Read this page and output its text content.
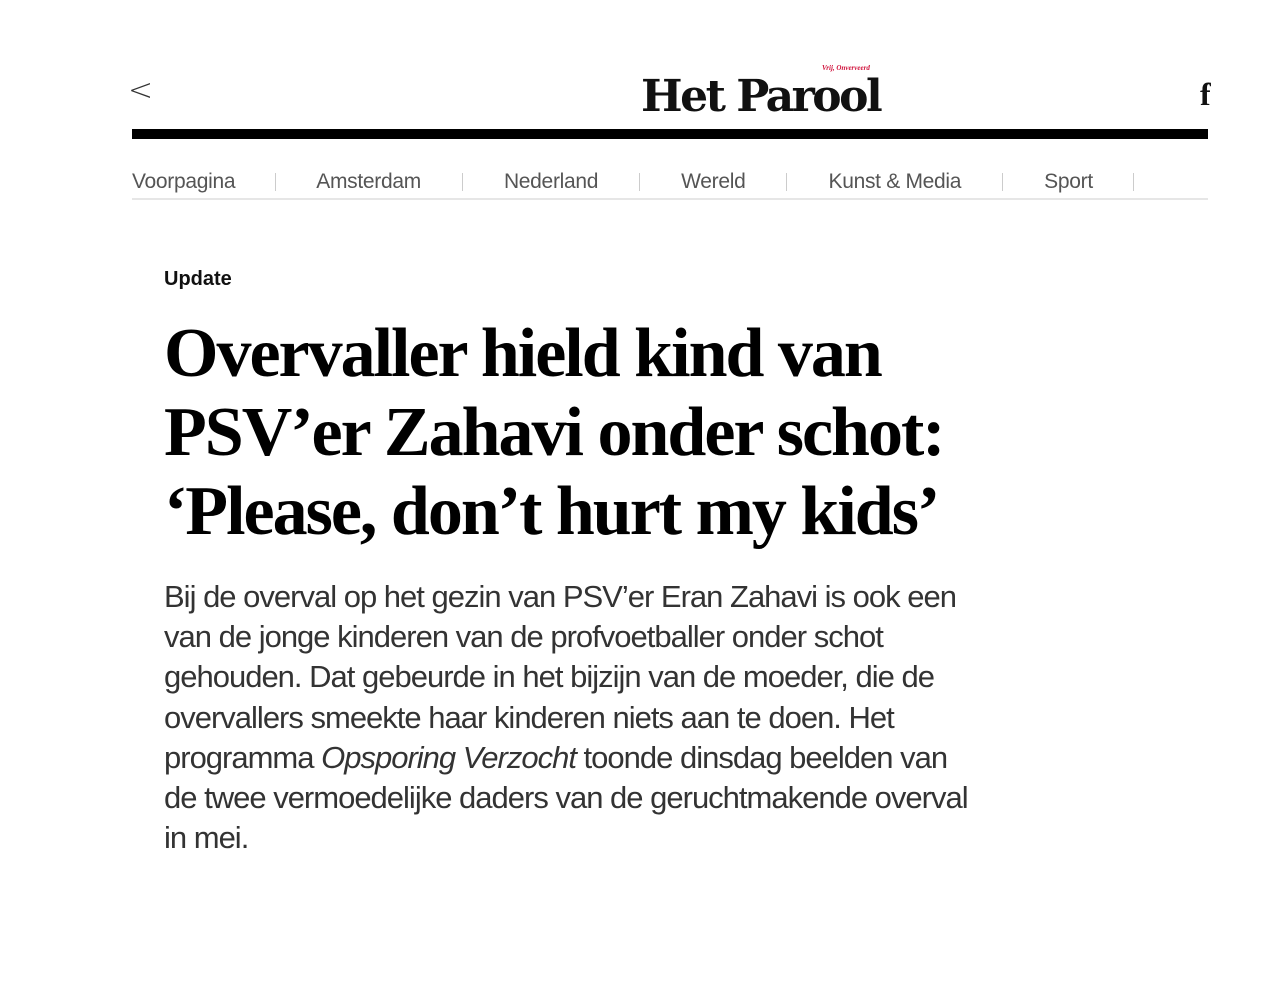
<
Vrij, Onverveerd
Het Parool	f
Voorpagina	Amsterdam	Nederland	Wereld	Kunst & Media	Sport
Update
Overvaller hield kind van PSV’er Zahavi onder schot: ‘Please, don’t hurt my kids’

Bij de overval op het gezin van PSV’er Eran Zahavi is ook een van de jonge kinderen van de profvoetballer onder schot gehouden. Dat gebeurde in het bijzijn van de moeder, die de overvallers smeekte haar kinderen niets aan te doen. Het programma Opsporing Verzocht toonde dinsdag beelden van de twee vermoedelijke daders van de geruchtmakende overval in mei.
